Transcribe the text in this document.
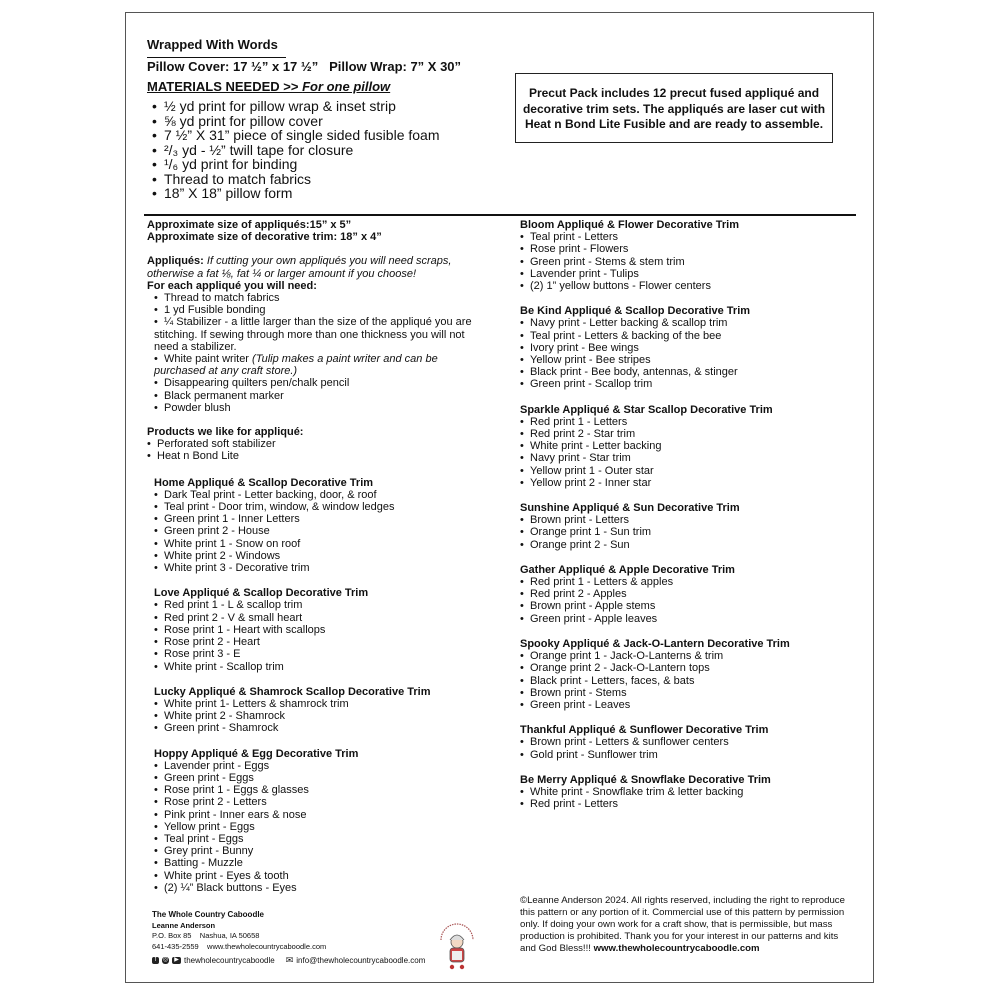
Wrapped With Words
Pillow Cover: 17 ½” x 17 ½”   Pillow Wrap: 7” X 30”
MATERIALS NEEDED >> For one pillow
• ½ yd print for pillow wrap & inset strip
• ⅝ yd print for pillow cover
• 7 ½” X 31” piece of single sided fusible foam
• ²/₃ yd - ½” twill tape for closure
• ¹/₆ yd print for binding
• Thread to match fabrics
• 18” X 18” pillow form
Precut Pack includes 12 precut fused appliqué and decorative trim sets. The appliqués are laser cut with Heat n Bond Lite Fusible and are ready to assemble.

Approximate size of appliqués:15” x 5”

Approximate size of decorative trim: 18” x 4”

Appliqués: If cutting your own appliqués you will need scraps, otherwise a fat ⅛, fat ¼ or larger amount if you choose!

For each appliqué you will need:

• Thread to match fabrics
• 1 yd Fusible bonding
• ¼ Stabilizer - a little larger than the size of the appliqué you are stitching. If sewing through more than one thickness you will not need a stabilizer.
• White paint writer (Tulip makes a paint writer and can be purchased at any craft store.)
• Disappearing quilters pen/chalk pencil
• Black permanent marker
• Powder blush

Products we like for appliqué:

• Perforated soft stabilizer
• Heat n Bond Lite
Home Appliqué & Scallop Decorative Trim
• Dark Teal print - Letter backing, door, & roof
• Teal print - Door trim, window, & window ledges
• Green print 1 - Inner Letters
• Green print 2 - House
• White print 1 - Snow on roof
• White print 2 - Windows
• White print 3 - Decorative trim
Love Appliqué & Scallop Decorative Trim
• Red print 1 - L & scallop trim
• Red print 2 - V & small heart
• Rose print 1 - Heart with scallops
• Rose print 2 - Heart
• Rose print 3 - E
• White print - Scallop trim
Lucky Appliqué & Shamrock Scallop Decorative Trim
• White print 1- Letters & shamrock trim
• White print 2 - Shamrock
• Green print - Shamrock
Hoppy Appliqué & Egg Decorative Trim
• Lavender print - Eggs
• Green print - Eggs
• Rose print 1 - Eggs & glasses
• Rose print 2 - Letters
• Pink print - Inner ears & nose
• Yellow print - Eggs
• Teal print - Eggs
• Grey print - Bunny
• Batting - Muzzle
• White print - Eyes & tooth
• (2) ¼” Black buttons - Eyes
Bloom Appliqué & Flower Decorative Trim
• Teal print - Letters
• Rose print - Flowers
• Green print - Stems & stem trim
• Lavender print - Tulips
• (2) 1” yellow buttons - Flower centers
Be Kind Appliqué & Scallop Decorative Trim
• Navy print - Letter backing & scallop trim
• Teal print - Letters & backing of the bee
• Ivory print - Bee wings
• Yellow print - Bee stripes
• Black print - Bee body, antennas, & stinger
• Green print - Scallop trim
Sparkle Appliqué & Star Scallop Decorative Trim
• Red print 1 - Letters
• Red print 2 - Star trim
• White print - Letter backing
• Navy print - Star trim
• Yellow print 1 - Outer star
• Yellow print 2 - Inner star
Sunshine Appliqué & Sun Decorative Trim
• Brown print - Letters
• Orange print 1 - Sun trim
• Orange print 2 - Sun
Gather Appliqué & Apple Decorative Trim
• Red print 1 - Letters & apples
• Red print 2 - Apples
• Brown print - Apple stems
• Green print - Apple leaves
Spooky Appliqué & Jack-O-Lantern Decorative Trim
• Orange print 1 - Jack-O-Lanterns & trim
• Orange print 2 - Jack-O-Lantern tops
• Black print - Letters, faces, & bats
• Brown print - Stems
• Green print - Leaves
Thankful Appliqué & Sunflower Decorative Trim
• Brown print - Letters & sunflower centers
• Gold print - Sunflower trim
Be Merry Appliqué & Snowflake Decorative Trim
• White print - Snowflake trim & letter backing
• Red print - Letters
The Whole Country Caboodle
Leanne Anderson
P.O. Box 85    Nashua, IA 50658
641-435-2559    www.thewholecountrycaboodle.com
f	◎	▶ thewholecountrycaboodle ✉ info@thewholecountrycaboodle.com
©Leanne Anderson 2024. All rights reserved, including the right to reproduce this pattern or any portion of it. Commercial use of this pattern by permission only. If doing your own work for a craft show, that is permissible, but mass production is prohibited. Thank you for your interest in our patterns and kits and God Bless!!! www.thewholecountrycaboodle.com
